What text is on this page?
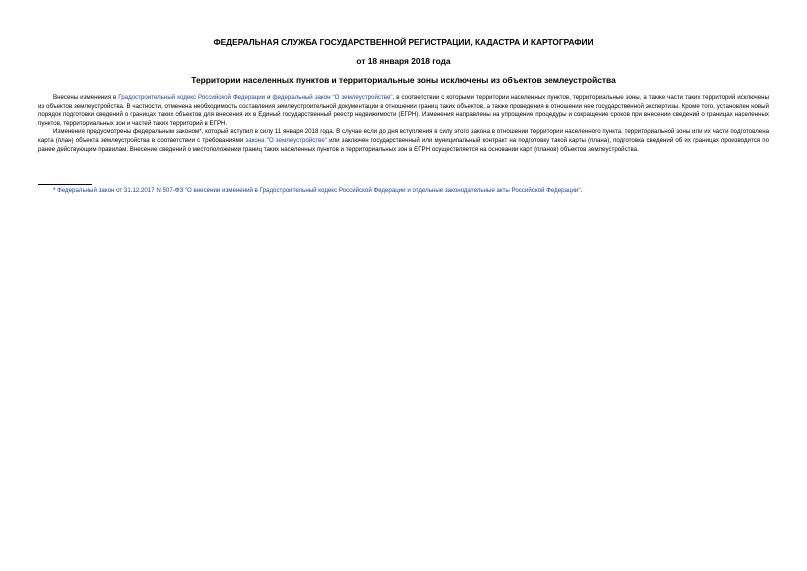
ФЕДЕРАЛЬНАЯ СЛУЖБА ГОСУДАРСТВЕННОЙ РЕГИСТРАЦИИ, КАДАСТРА И КАРТОГРАФИИ
от 18 января 2018 года
Территории населенных пунктов и территориальные зоны исключены из объектов землеустройства

Внесены изменения в Градостроительный кодекс Российской Федерации и федеральный закон "О землеустройстве", в соответствии с которыми территории населенных пунктов, территориальные зоны, а также части таких территорий исключены из объектов землеустройства. В частности, отменена необходимость составления землеустроительной документации в отношении границ таких объектов, а также проведения в отношении нее государственной экспертизы. Кроме того, установлен новый порядок подготовки сведений о границах таких объектов для внесения их в Единый государственный реестр недвижимости (ЕГРН). Изменения направлены на упрощение процедуры и сокращение сроков при внесении сведений о границах населенных пунктов, территориальных зон и частей таких территорий в ЕГРН.

Изменения предусмотрены федеральным законом*, который вступил в силу 11 января 2018 года. В случае если до дня вступления в силу этого закона в отношении территории населенного пункта, территориальной зоны или их части подготовлена карта (план) объекта землеустройства в соответствии с требованиями закона "О землеустройстве" или заключен государственный или муниципальный контракт на подготовку такой карты (плана), подготовка сведений об их границах производится по ранее действующим правилам. Внесение сведений о местоположении границ таких населенных пунктов и территориальных зон в ЕГРН осуществляется на основании карт (планов) объектов землеустройства.

* Федеральный закон от 31.12.2017 N 507-ФЗ "О внесении изменений в Градостроительный кодекс Российской Федерации и отдельные законодательные акты Российской Федерации".
